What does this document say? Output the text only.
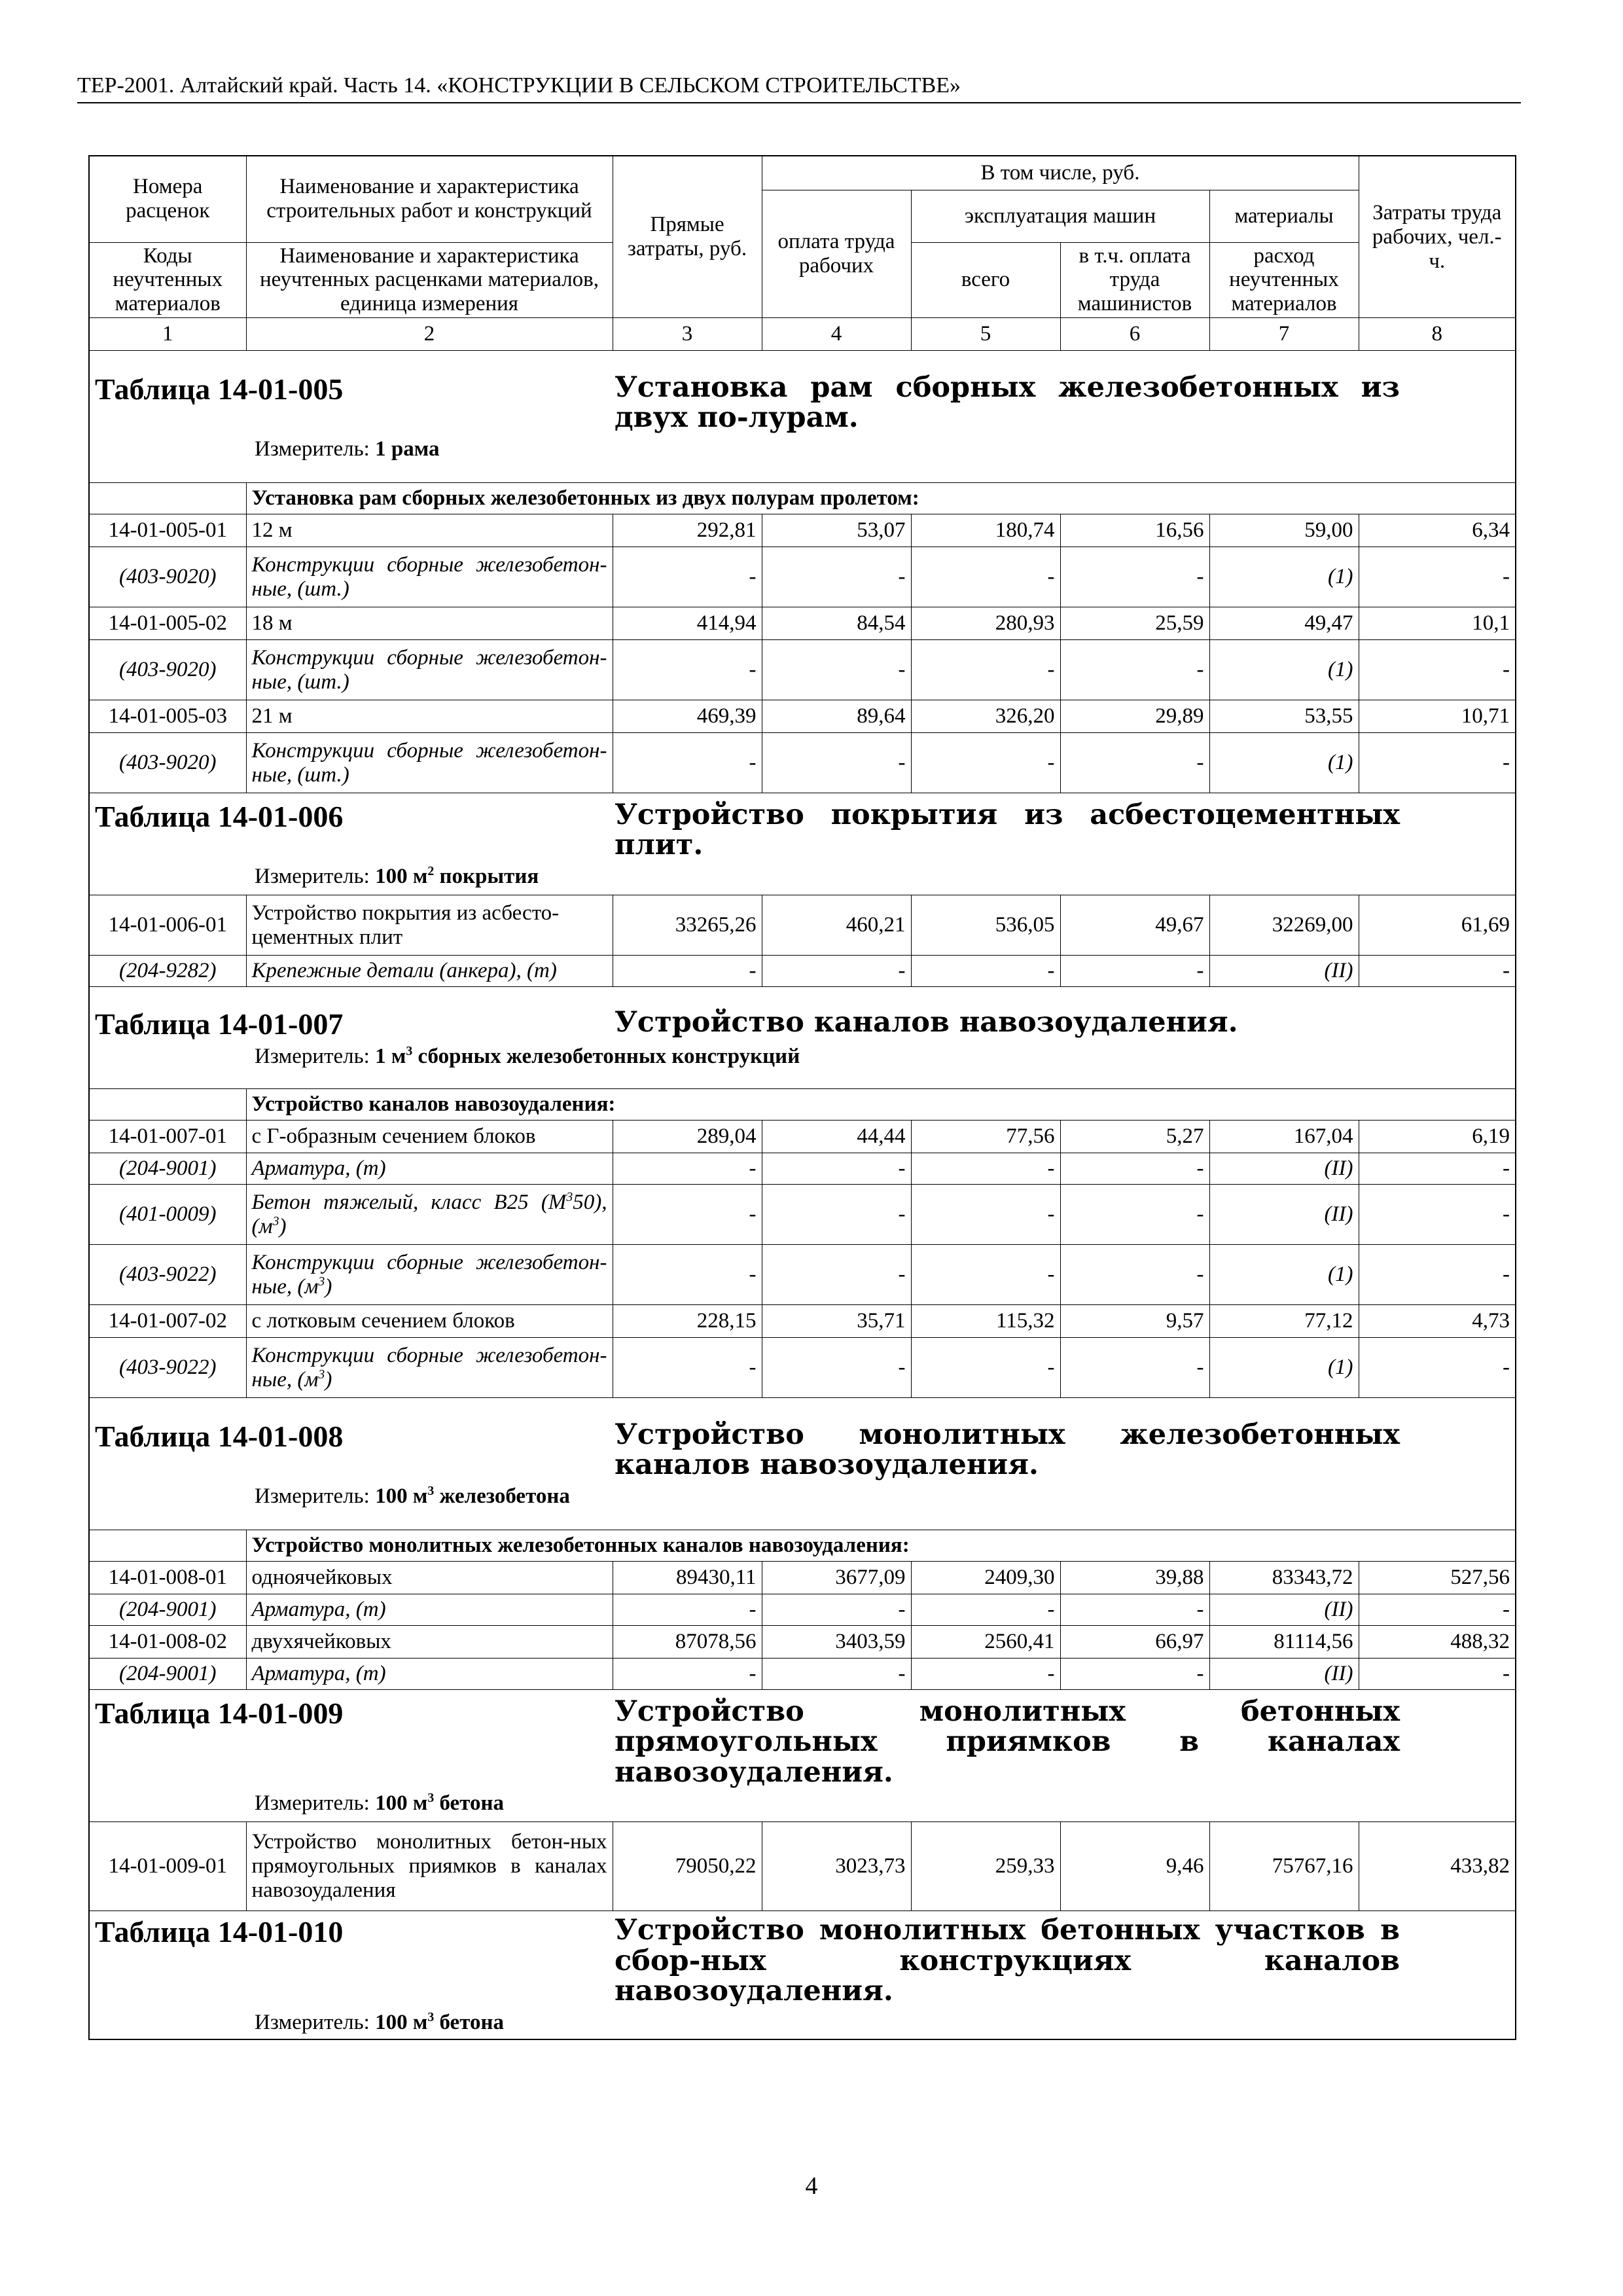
ТЕР-2001. Алтайский край. Часть 14. «КОНСТРУКЦИИ В СЕЛЬСКОМ СТРОИТЕЛЬСТВЕ»
Номера расценок	Наименование и характеристика строительных работ и конструкций	Прямые затраты, руб.	В том числе, руб.				Затраты труда рабочих, чел.-ч.
			оплата труда рабочих	эксплуатация машин		материалы	
Коды неучтенных материалов	Наименование и характеристика неучтенных расценками материалов, единица измерения			всего	в т.ч. оплата труда машинистов	расход неучтенных материалов	
1	2	3	4	5	6	7	8

Таблица 14-01-005 Установка рам сборных железобетонных из двух по-лурам.
Измеритель: 1 рама							

	Установка рам сборных железобетонных из двух полурам пролетом:						
14-01-005-01	12 м	292,81	53,07	180,74	16,56	59,00	6,34
(403-9020)	Конструкции сборные железобетон-ные, (шт.)	-	-	-	-	(1)	-
14-01-005-02	18 м	414,94	84,54	280,93	25,59	49,47	10,1
(403-9020)	Конструкции сборные железобетон-ные, (шт.)	-	-	-	-	(1)	-
14-01-005-03	21 м	469,39	89,64	326,20	29,89	53,55	10,71
(403-9020)	Конструкции сборные железобетон-ные, (шт.)	-	-	-	-	(1)	-

Таблица 14-01-006 Устройство покрытия из асбестоцементных плит.
Измеритель: 100 $м^2$ покрытия							

14-01-006-01	Устройство покрытия из асбесто-цементных плит	33265,26	460,21	536,05	49,67	32269,00	61,69
(204-9282)	Крепежные детали (анкера), (т)	-	-	-	-	(II)	-

Таблица 14-01-007 Устройство каналов навозоудаления.
Измеритель: 1 $м^3$ сборных железобетонных конструкций							

	Устройство каналов навозоудаления:						
14-01-007-01	с Г-образным сечением блоков	289,04	44,44	77,56	5,27	167,04	6,19
(204-9001)	Арматура, (т)	-	-	-	-	(II)	-
(401-0009)	Бетон тяжелый, класс B25 $(М^350)$, $(м^3)$	-	-	-	-	(II)	-
(403-9022)	Конструкции сборные железобетон-ные, $(м^3)$	-	-	-	-	(1)	-
14-01-007-02	с лотковым сечением блоков	228,15	35,71	115,32	9,57	77,12	4,73
(403-9022)	Конструкции сборные железобетон-ные, $(м^3)$	-	-	-	-	(1)	-

Таблица 14-01-008 Устройство монолитных железобетонных каналов навозоудаления.
Измеритель: 100 $м^3$ железобетона							

	Устройство монолитных железобетонных каналов навозоудаления:						
14-01-008-01	одноячейковых	89430,11	3677,09	2409,30	39,88	83343,72	527,56
(204-9001)	Арматура, (т)	-	-	-	-	(II)	-
14-01-008-02	двухячейковых	87078,56	3403,59	2560,41	66,97	81114,56	488,32
(204-9001)	Арматура, (т)	-	-	-	-	(II)	-

Таблица 14-01-009 Устройство монолитных бетонных прямоугольных приямков в каналах навозоудаления.
Измеритель: 100 $м^3$ бетона							

14-01-009-01	Устройство монолитных бетон-ных прямоугольных приямков в каналах навозоудаления	79050,22	3023,73	259,33	9,46	75767,16	433,82

Таблица 14-01-010 Устройство монолитных бетонных участков в сбор-ных конструкциях каналов навозоудаления.
Измеритель: 100 $м^3$ бетона							
4
